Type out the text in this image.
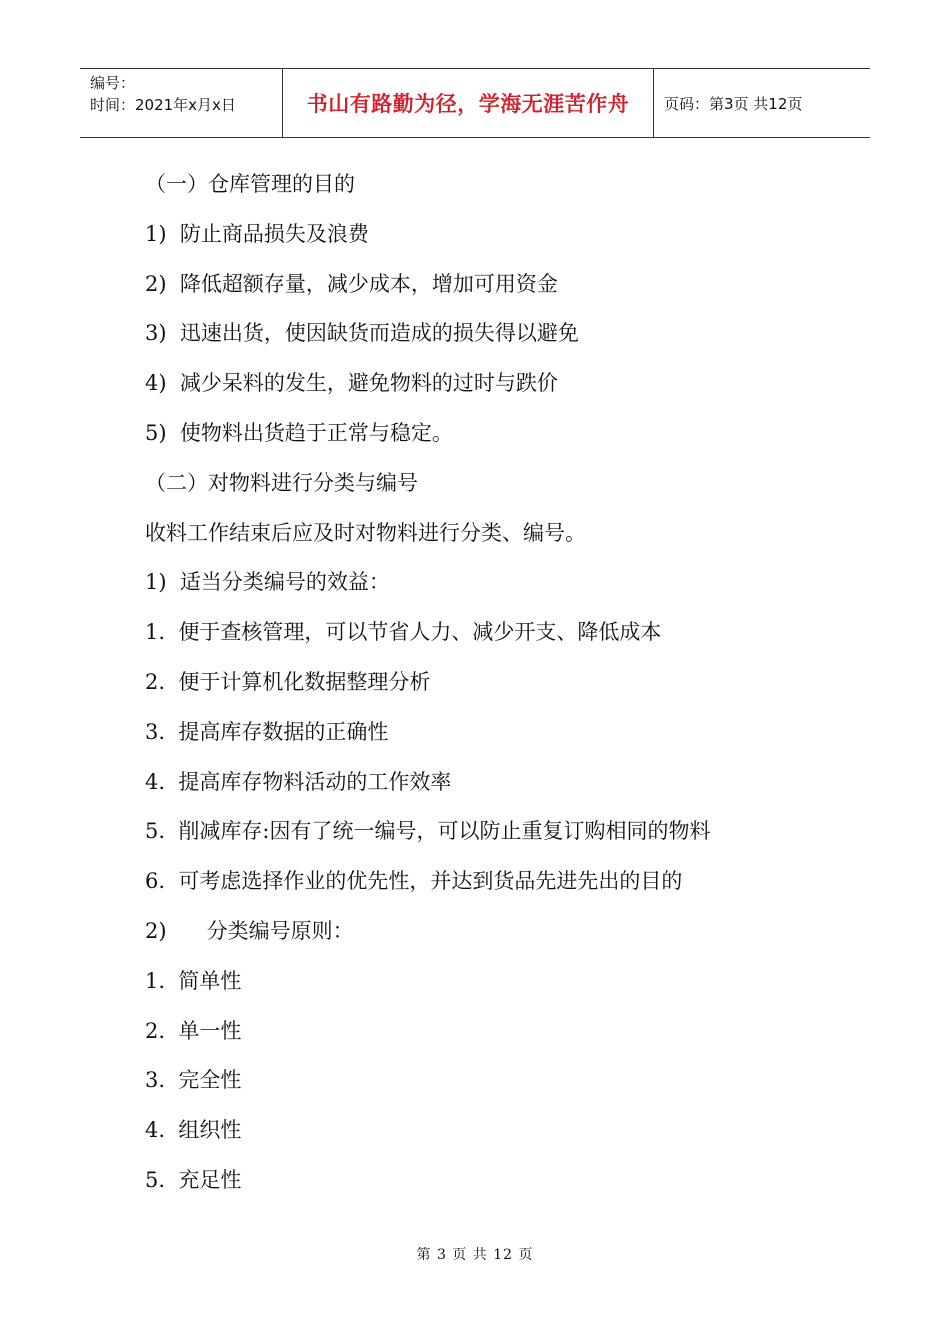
编号：
时间：2021年x月x日	书山有路勤为径，学海无涯苦作舟	页码：第3页 共12页
（一）仓库管理的目的
1)  防止商品损失及浪费
2)  降低超额存量，减少成本，增加可用资金
3)  迅速出货，使因缺货而造成的损失得以避免
4)  减少呆料的发生，避免物料的过时与跌价
5)  使物料出货趋于正常与稳定。
（二）对物料进行分类与编号
收料工作结束后应及时对物料进行分类、编号。
1)  适当分类编号的效益：
1.  便于查核管理，可以节省人力、减少开支、降低成本
2.  便于计算机化数据整理分析
3.  提高库存数据的正确性
4.  提高库存物料活动的工作效率
5.  削减库存:因有了统一编号，可以防止重复订购相同的物料
6.  可考虑选择作业的优先性，并达到货品先进先出的目的
2)      分类编号原则：
1.  简单性
2.  单一性
3.  完全性
4.  组织性
5.  充足性
第 3 页 共 12 页
